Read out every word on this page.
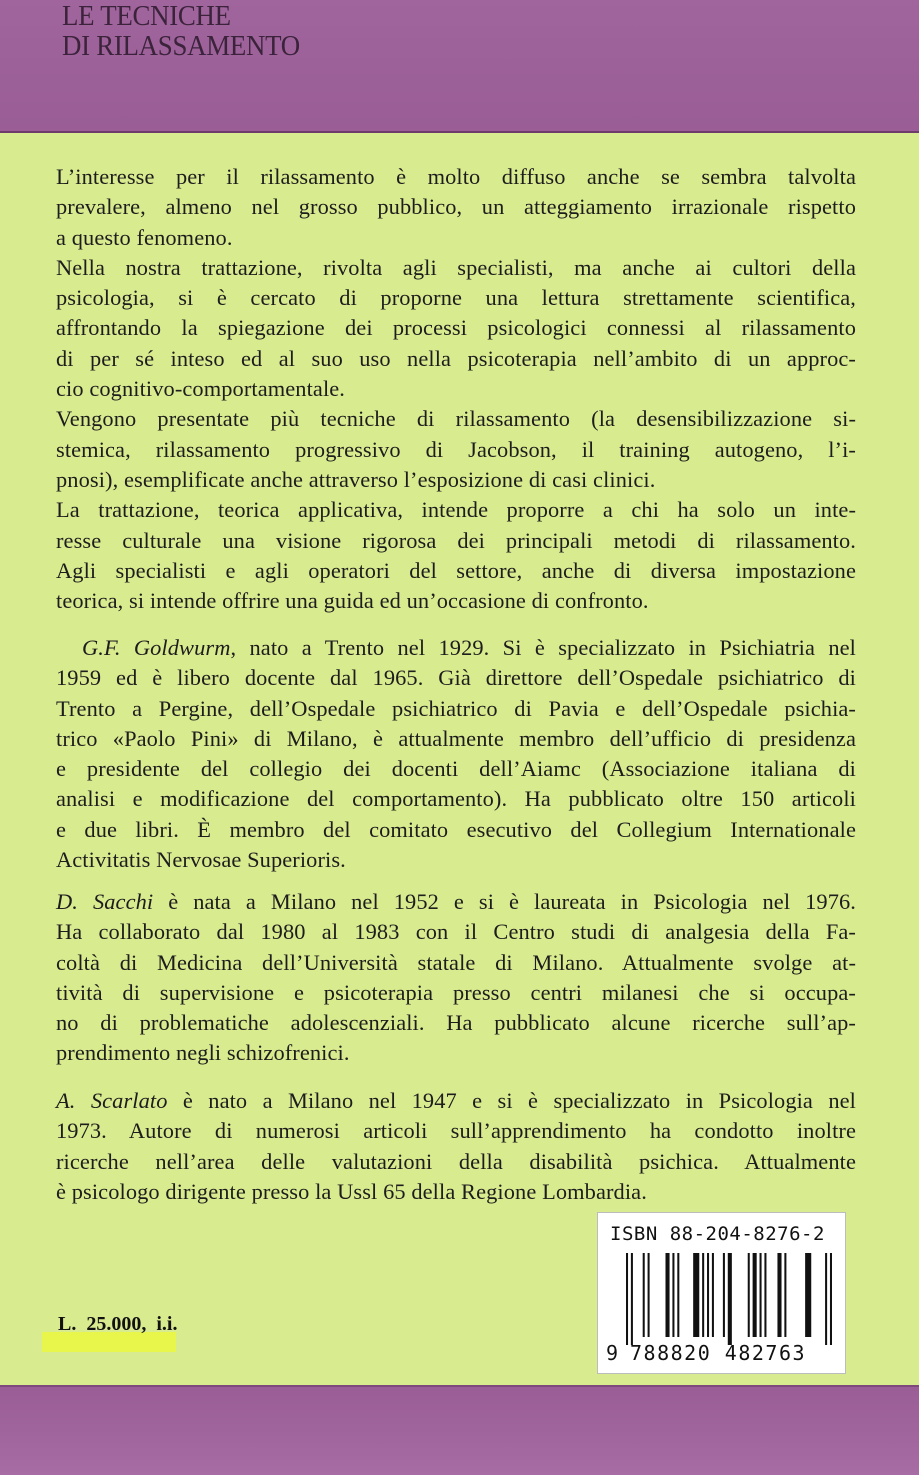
LE TECNICHE
DI RILASSAMENTO
L’interesse per il rilassamento è molto diffuso anche se sembra talvolta
prevalere, almeno nel grosso pubblico, un atteggiamento irrazionale rispetto
a questo fenomeno.
Nella nostra trattazione, rivolta agli specialisti, ma anche ai cultori della
psicologia, si è cercato di proporne una lettura strettamente scientifica,
affrontando la spiegazione dei processi psicologici connessi al rilassamento
di per sé inteso ed al suo uso nella psicoterapia nell’ambito di un approc-
cio cognitivo-comportamentale.
Vengono presentate più tecniche di rilassamento (la desensibilizzazione si-
stemica, rilassamento progressivo di Jacobson, il training autogeno, l’i-
pnosi), esemplificate anche attraverso l’esposizione di casi clinici.
La trattazione, teorica applicativa, intende proporre a chi ha solo un inte-
resse culturale una visione rigorosa dei principali metodi di rilassamento.
Agli specialisti e agli operatori del settore, anche di diversa impostazione
teorica, si intende offrire una guida ed un’occasione di confronto.
G.F. Goldwurm, nato a Trento nel 1929. Si è specializzato in Psichiatria nel
1959 ed è libero docente dal 1965. Già direttore dell’Ospedale psichiatrico di
Trento a Pergine, dell’Ospedale psichiatrico di Pavia e dell’Ospedale psichia-
trico «Paolo Pini» di Milano, è attualmente membro dell’ufficio di presidenza
e presidente del collegio dei docenti dell’Aiamc (Associazione italiana di
analisi e modificazione del comportamento). Ha pubblicato oltre 150 articoli
e due libri. È membro del comitato esecutivo del Collegium Internationale
Activitatis Nervosae Superioris.
D. Sacchi è nata a Milano nel 1952 e si è laureata in Psicologia nel 1976.
Ha collaborato dal 1980 al 1983 con il Centro studi di analgesia della Fa-
coltà di Medicina dell’Università statale di Milano. Attualmente svolge at-
tività di supervisione e psicoterapia presso centri milanesi che si occupa-
no di problematiche adolescenziali. Ha pubblicato alcune ricerche sull’ap-
prendimento negli schizofrenici.
A. Scarlato è nato a Milano nel 1947 e si è specializzato in Psicologia nel
1973. Autore di numerosi articoli sull’apprendimento ha condotto inoltre
ricerche nell’area delle valutazioni della disabilità psichica. Attualmente
è psicologo dirigente presso la Ussl 65 della Regione Lombardia.
ISBN 88-204-8276-2
9 788820 482763
L.  25.000,  i.i.
